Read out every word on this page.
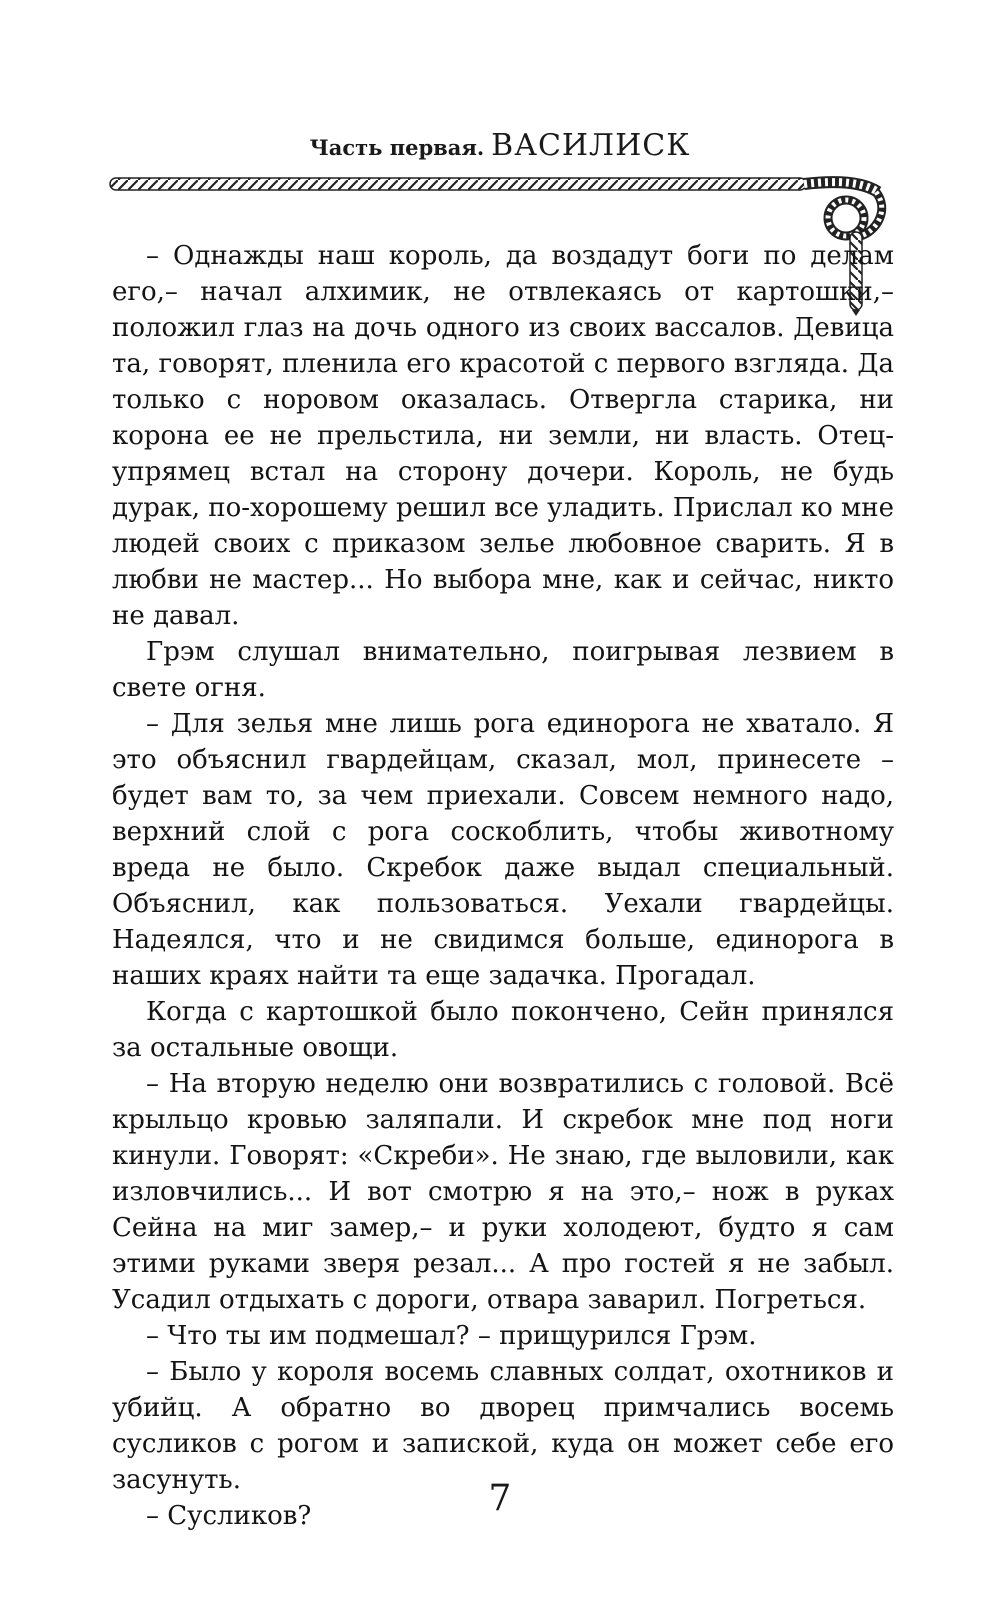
Часть первая. ВАСИЛИСК

– Однажды наш король, да воздадут боги по делам его,– начал алхимик, не отвлекаясь от картошки,– положил глаз на дочь одного из своих вассалов. Девица та, говорят, пленила его красотой с первого взгляда. Да только с норовом оказалась. Отвергла старика, ни корона ее не прельстила, ни земли, ни власть. Отец-упрямец встал на сторону дочери. Король, не будь дурак, по-хорошему решил все уладить. Прислал ко мне людей своих с приказом зелье любовное сварить. Я в любви не мастер... Но выбора мне, как и сейчас, никто не давал.

Грэм слушал внимательно, поигрывая лезвием в свете огня.

– Для зелья мне лишь рога единорога не хватало. Я это объяснил гвардейцам, сказал, мол, принесете – будет вам то, за чем приехали. Совсем немного надо, верхний слой с рога соскоблить, чтобы животному вреда не было. Скребок даже выдал специальный. Объяснил, как пользоваться. Уехали гвардейцы. Надеялся, что и не свидимся больше, единорога в наших краях найти та еще задачка. Прогадал.

Когда с картошкой было покончено, Сейн принялся за остальные овощи.

– На вторую неделю они возвратились с головой. Всё крыльцо кровью заляпали. И скребок мне под ноги кинули. Говорят: «Скреби». Не знаю, где выловили, как изловчились... И вот смотрю я на это,– нож в руках Сейна на миг замер,– и руки холодеют, будто я сам этими руками зверя резал... А про гостей я не забыл. Усадил отдыхать с дороги, отвара заварил. Погреться.

– Что ты им подмешал? – прищурился Грэм.

– Было у короля восемь славных солдат, охотников и убийц. А обратно во дворец примчались восемь сусликов с рогом и запиской, куда он может себе его засунуть.

– Сусликов?	7
